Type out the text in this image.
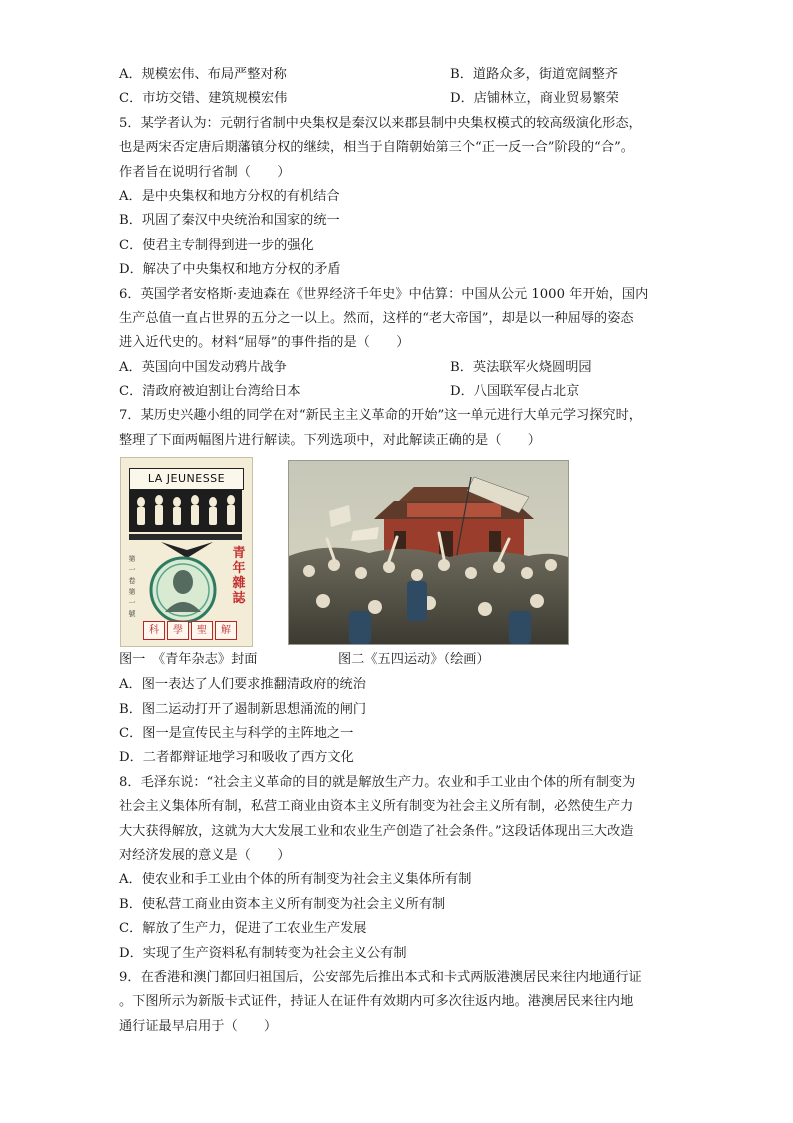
A．规模宏伟、布局严整对称	B．道路众多，街道宽阔整齐
C．市坊交错、建筑规模宏伟	D．店铺林立，商业贸易繁荣
5．某学者认为：元朝行省制中央集权是秦汉以来郡县制中央集权模式的较高级演化形态，
也是两宋否定唐后期藩镇分权的继续，相当于自隋朝始第三个“正一反一合”阶段的“合”。
作者旨在说明行省制（　　）
A．是中央集权和地方分权的有机结合
B．巩固了秦汉中央统治和国家的统一
C．使君主专制得到进一步的强化
D．解决了中央集权和地方分权的矛盾
6．英国学者安格斯·麦迪森在《世界经济千年史》中估算：中国从公元 1000 年开始，国内
生产总值一直占世界的五分之一以上。然而，这样的“老大帝国”，却是以一种屈辱的姿态
进入近代史的。材料“屈辱”的事件指的是（　　）
A．英国向中国发动鸦片战争	B．英法联军火烧圆明园
C．清政府被迫割让台湾给日本	D．八国联军侵占北京
7．某历史兴趣小组的同学在对“新民主主义革命的开始”这一单元进行大单元学习探究时，
整理了下面两幅图片进行解读。下列选项中，对此解读正确的是（　　）
LA JEUNESSE
第
一
卷
第
一
號
青
年
雜
誌
科	學	聖	解
图一　《青年杂志》封面	图二《五四运动》（绘画）
A．图一表达了人们要求推翻清政府的统治
B．图二运动打开了遏制新思想涌流的闸门
C．图一是宣传民主与科学的主阵地之一
D．二者都辩证地学习和吸收了西方文化
8．毛泽东说：“社会主义革命的目的就是解放生产力。农业和手工业由个体的所有制变为
社会主义集体所有制，私营工商业由资本主义所有制变为社会主义所有制，必然使生产力
大大获得解放，这就为大大发展工业和农业生产创造了社会条件。”这段话体现出三大改造
对经济发展的意义是（　　）
A．使农业和手工业由个体的所有制变为社会主义集体所有制
B．使私营工商业由资本主义所有制变为社会主义所有制
C．解放了生产力，促进了工农业生产发展
D．实现了生产资料私有制转变为社会主义公有制
9．在香港和澳门都回归祖国后，公安部先后推出本式和卡式两版港澳居民来往内地通行证
。下图所示为新版卡式证件，持证人在证件有效期内可多次往返内地。港澳居民来往内地
通行证最早启用于（　　）
